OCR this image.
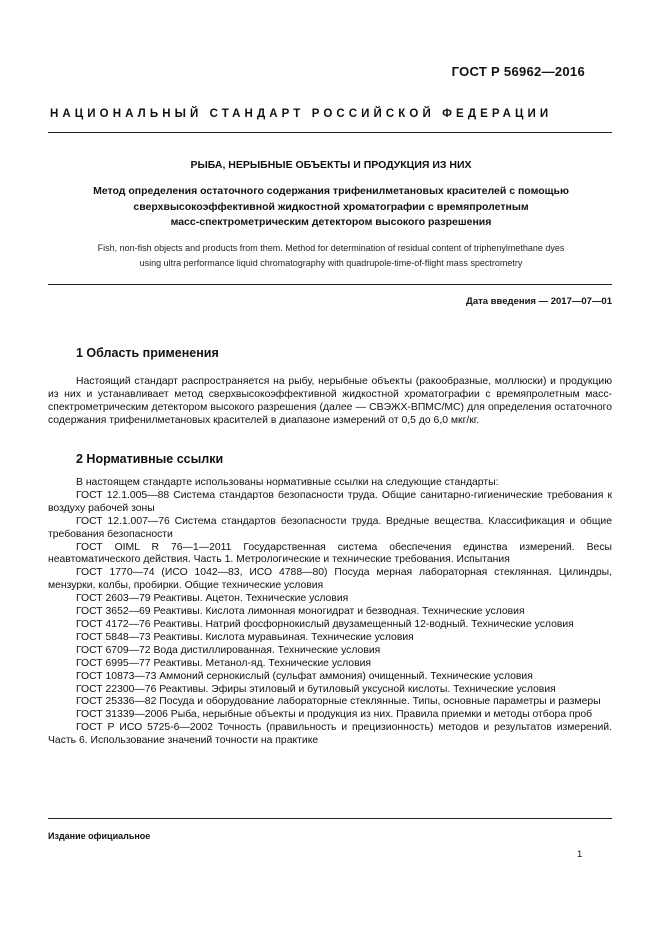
ГОСТ Р 56962—2016
НАЦИОНАЛЬНЫЙ СТАНДАРТ РОССИЙСКОЙ ФЕДЕРАЦИИ
РЫБА, НЕРЫБНЫЕ ОБЪЕКТЫ И ПРОДУКЦИЯ ИЗ НИХ
Метод определения остаточного содержания трифенилметановых красителей с помощью
сверхвысокоэффективной жидкостной хроматографии с времяпролетным
масс-спектрометрическим детектором высокого разрешения
Fish, non-fish objects and products from them. Method for determination of residual content of triphenylmethane dyes
using ultra performance liquid chromatography with quadrupole-time-of-flight mass spectrometry
Дата введения — 2017—07—01
1 Область применения

Настоящий стандарт распространяется на рыбу, нерыбные объекты (ракообразные, моллюски) и продукцию из них и устанавливает метод сверхвысокоэффективной жидкостной хроматографии с времяпролетным масс-спектрометрическим детектором высокого разрешения (далее — СВЭЖХ-ВПМС/МС) для определения остаточного содержания трифенилметановых красителей в диапазоне измерений от 0,5 до 6,0 мкг/кг.

2 Нормативные ссылки

В настоящем стандарте использованы нормативные ссылки на следующие стандарты:

ГОСТ 12.1.005—88 Система стандартов безопасности труда. Общие санитарно-гигиенические требования к воздуху рабочей зоны

ГОСТ 12.1.007—76 Система стандартов безопасности труда. Вредные вещества. Классификация и общие требования безопасности

ГОСТ OIML R 76—1—2011 Государственная система обеспечения единства измерений. Весы неавтоматического действия. Часть 1. Метрологические и технические требования. Испытания

ГОСТ 1770—74 (ИСО 1042—83, ИСО 4788—80) Посуда мерная лабораторная стеклянная. Цилиндры, мензурки, колбы, пробирки. Общие технические условия

ГОСТ 2603—79 Реактивы. Ацетон. Технические условия

ГОСТ 3652—69 Реактивы. Кислота лимонная моногидрат и безводная. Технические условия

ГОСТ 4172—76 Реактивы. Натрий фосфорнокислый двузамещенный 12-водный. Технические условия

ГОСТ 5848—73 Реактивы. Кислота муравьиная. Технические условия

ГОСТ 6709—72 Вода дистиллированная. Технические условия

ГОСТ 6995—77 Реактивы. Метанол-яд. Технические условия

ГОСТ 10873—73 Аммоний сернокислый (сульфат аммония) очищенный. Технические условия

ГОСТ 22300—76 Реактивы. Эфиры этиловый и бутиловый уксусной кислоты. Технические условия

ГОСТ 25336—82 Посуда и оборудование лабораторные стеклянные. Типы, основные параметры и размеры

ГОСТ 31339—2006 Рыба, нерыбные объекты и продукция из них. Правила приемки и методы отбора проб

ГОСТ Р ИСО 5725-6—2002 Точность (правильность и прецизионность) методов и результатов измерений. Часть 6. Использование значений точности на практике

Издание официальное
1
